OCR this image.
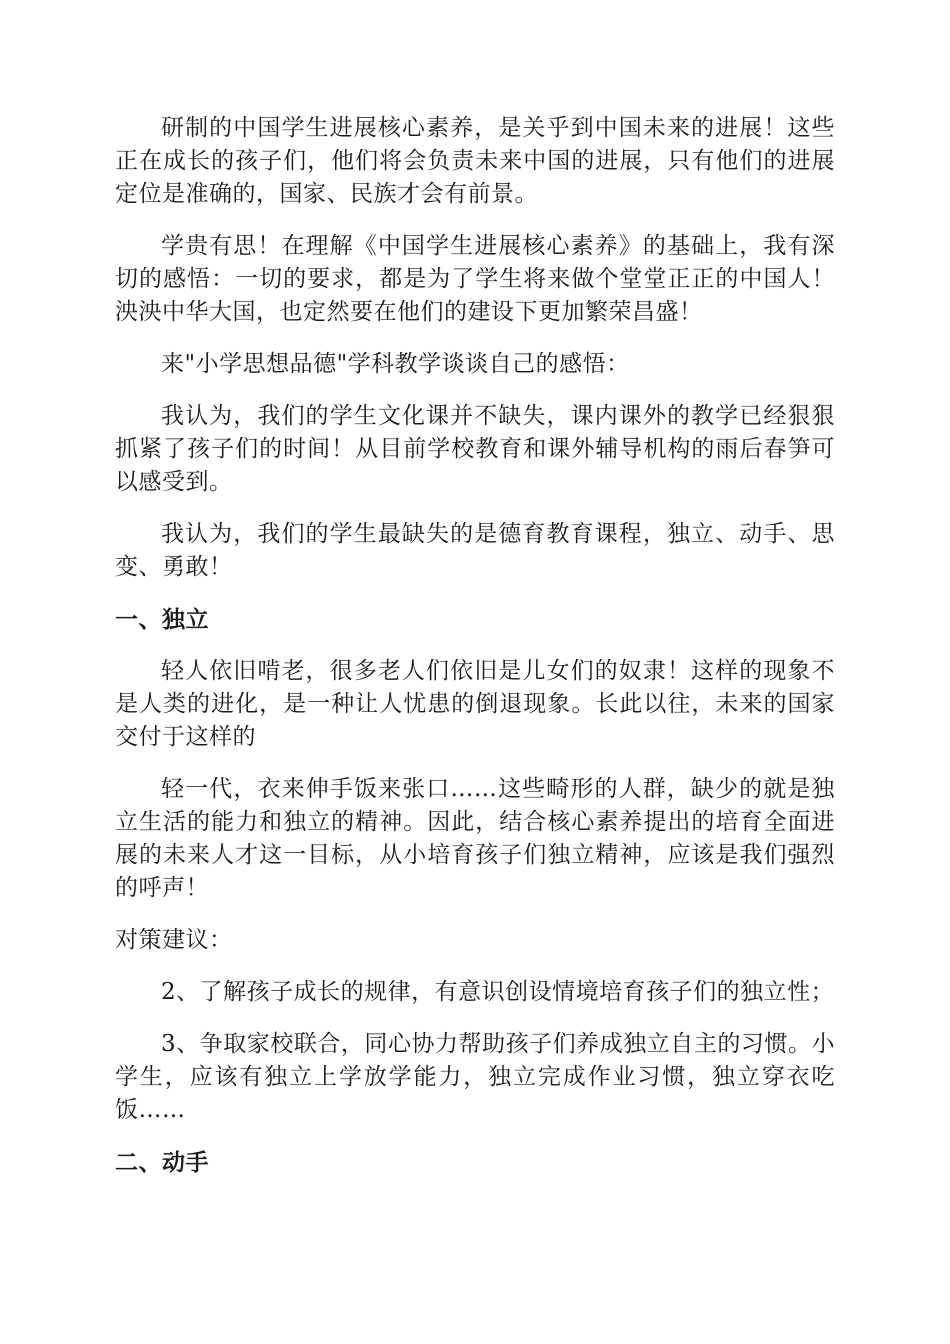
研制的中国学生进展核心素养，是关乎到中国未来的进展！这些正在成长的孩子们，他们将会负责未来中国的进展，只有他们的进展定位是准确的，国家、民族才会有前景。

学贵有思！在理解《中国学生进展核心素养》的基础上，我有深切的感悟：一切的要求，都是为了学生将来做个堂堂正正的中国人！泱泱中华大国，也定然要在他们的建设下更加繁荣昌盛！

来"小学思想品德"学科教学谈谈自己的感悟：

我认为，我们的学生文化课并不缺失，课内课外的教学已经狠狠抓紧了孩子们的时间！从目前学校教育和课外辅导机构的雨后春笋可以感受到。

我认为，我们的学生最缺失的是德育教育课程，独立、动手、思变、勇敢！

一、独立

轻人依旧啃老，很多老人们依旧是儿女们的奴隶！这样的现象不是人类的进化，是一种让人忧患的倒退现象。长此以往，未来的国家交付于这样的

轻一代，衣来伸手饭来张口……这些畸形的人群，缺少的就是独立生活的能力和独立的精神。因此，结合核心素养提出的培育全面进展的未来人才这一目标，从小培育孩子们独立精神，应该是我们强烈的呼声！

对策建议：

2、了解孩子成长的规律，有意识创设情境培育孩子们的独立性；

3、争取家校联合，同心协力帮助孩子们养成独立自主的习惯。小学生，应该有独立上学放学能力，独立完成作业习惯，独立穿衣吃饭……

二、动手
